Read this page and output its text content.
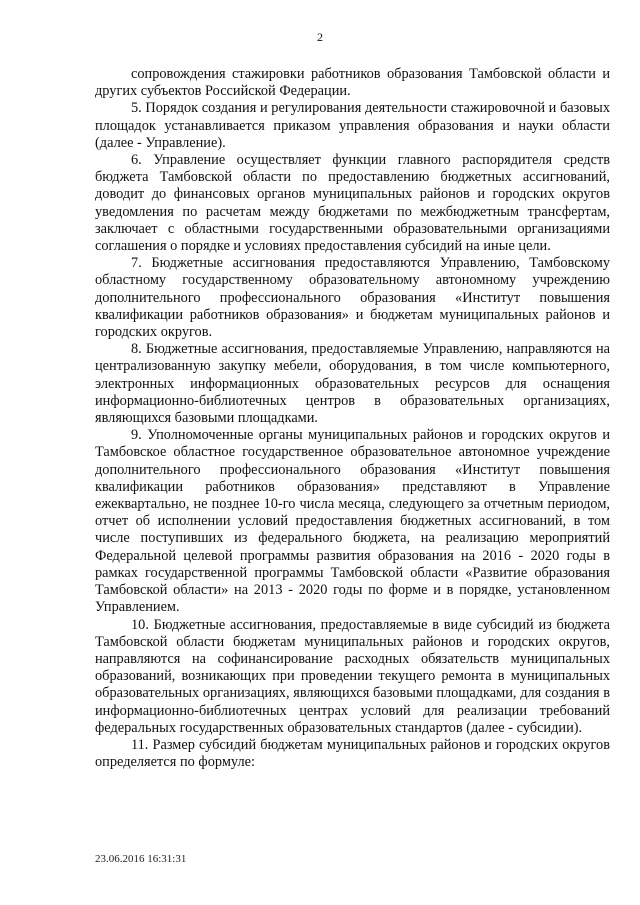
2

сопровождения стажировки работников образования Тамбовской области и других субъектов Российской Федерации.

5. Порядок создания и регулирования деятельности стажировочной и базовых площадок устанавливается приказом управления образования и науки области (далее - Управление).

6. Управление осуществляет функции главного распорядителя средств бюджета Тамбовской области по предоставлению бюджетных ассигнований, доводит до финансовых органов муниципальных районов и городских округов уведомления по расчетам между бюджетами по межбюджетным трансфертам, заключает с областными государственными образовательными организациями соглашения о порядке и условиях предоставления субсидий на иные цели.

7. Бюджетные ассигнования предоставляются Управлению, Тамбовскому областному государственному образовательному автономному учреждению дополнительного профессионального образования «Институт повышения квалификации работников образования» и бюджетам муниципальных районов и городских округов.

8. Бюджетные ассигнования, предоставляемые Управлению, направляются на централизованную закупку мебели, оборудования, в том числе компьютерного, электронных информационных образовательных ресурсов для оснащения информационно-библиотечных центров в образовательных организациях, являющихся базовыми площадками.

9. Уполномоченные органы муниципальных районов и городских округов и Тамбовское областное государственное образовательное автономное учреждение дополнительного профессионального образования «Институт повышения квалификации работников образования» представляют в Управление ежеквартально, не позднее 10-го числа месяца, следующего за отчетным периодом, отчет об исполнении условий предоставления бюджетных ассигнований, в том числе поступивших из федерального бюджета, на реализацию мероприятий Федеральной целевой программы развития образования на 2016 - 2020 годы в рамках государственной программы Тамбовской области «Развитие образования Тамбовской области» на 2013 - 2020 годы по форме и в порядке, установленном Управлением.

10. Бюджетные ассигнования, предоставляемые в виде субсидий из бюджета Тамбовской области бюджетам муниципальных районов и городских округов, направляются на софинансирование расходных обязательств муниципальных образований, возникающих при проведении текущего ремонта в муниципальных образовательных организациях, являющихся базовыми площадками, для создания в информационно-библиотечных центрах условий для реализации требований федеральных государственных образовательных стандартов (далее - субсидии).

11. Размер субсидий бюджетам муниципальных районов и городских округов определяется по формуле:

23.06.2016 16:31:31
